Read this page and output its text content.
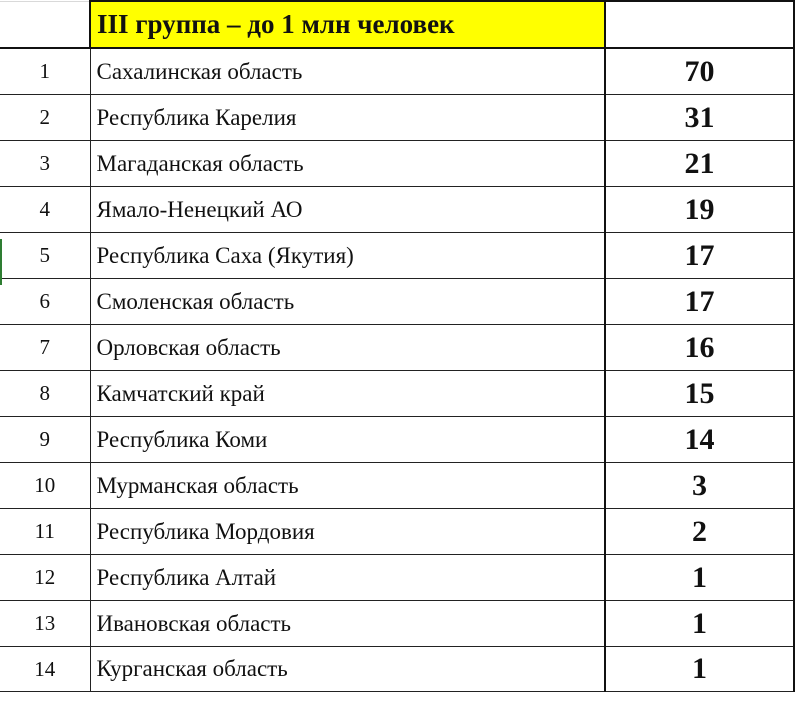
	III группа – до 1 млн человек	
1	Сахалинская область	70
2	Республика Карелия	31
3	Магаданская область	21
4	Ямало-Ненецкий АО	19
5	Республика Саха (Якутия)	17
6	Смоленская область	17
7	Орловская область	16
8	Камчатский край	15
9	Республика Коми	14
10	Мурманская область	3
11	Республика Мордовия	2
12	Республика Алтай	1
13	Ивановская область	1
14	Курганская область	1
